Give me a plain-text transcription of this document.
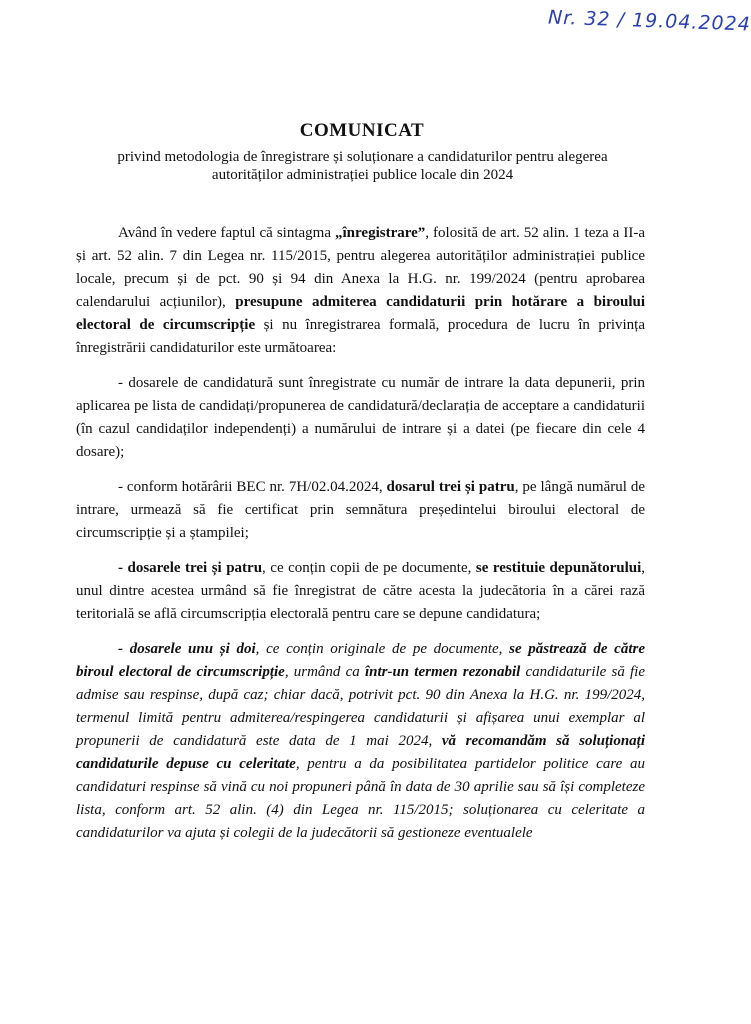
Nr. 32 / 19.04.2024
COMUNICAT
privind metodologia de înregistrare și soluționare a candidaturilor pentru alegerea autorităților administrației publice locale din 2024

Având în vedere faptul că sintagma „înregistrare”, folosită de art. 52 alin. 1 teza a II-a și art. 52 alin. 7 din Legea nr. 115/2015, pentru alegerea autorităților administrației publice locale, precum și de pct. 90 și 94 din Anexa la H.G. nr. 199/2024 (pentru aprobarea calendarului acțiunilor), presupune admiterea candidaturii prin hotărare a biroului electoral de circumscripție și nu înregistrarea formală, procedura de lucru în privința înregistrării candidaturilor este următoarea:

- dosarele de candidatură sunt înregistrate cu număr de intrare la data depunerii, prin aplicarea pe lista de candidați/propunerea de candidatură/declarația de acceptare a candidaturii (în cazul candidaților independenți) a numărului de intrare și a datei (pe fiecare din cele 4 dosare);

- conform hotărârii BEC nr. 7H/02.04.2024, dosarul trei și patru, pe lângă numărul de intrare, urmează să fie certificat prin semnătura președintelui biroului electoral de circumscripție și a ștampilei;

- dosarele trei și patru, ce conțin copii de pe documente, se restituie depunătorului, unul dintre acestea urmând să fie înregistrat de către acesta la judecătoria în a cărei rază teritorială se află circumscripția electorală pentru care se depune candidatura;

- dosarele unu și doi, ce conțin originale de pe documente, se păstrează de către biroul electoral de circumscripție, urmând ca într-un termen rezonabil candidaturile să fie admise sau respinse, după caz; chiar dacă, potrivit pct. 90 din Anexa la H.G. nr. 199/2024, termenul limită pentru admiterea/respingerea candidaturii și afișarea unui exemplar al propunerii de candidatură este data de 1 mai 2024, vă recomandăm să soluționați candidaturile depuse cu celeritate, pentru a da posibilitatea partidelor politice care au candidaturi respinse să vină cu noi propuneri până în data de 30 aprilie sau să își completeze lista, conform art. 52 alin. (4) din Legea nr. 115/2015; soluționarea cu celeritate a candidaturilor va ajuta și colegii de la judecătorii să gestioneze eventualele
